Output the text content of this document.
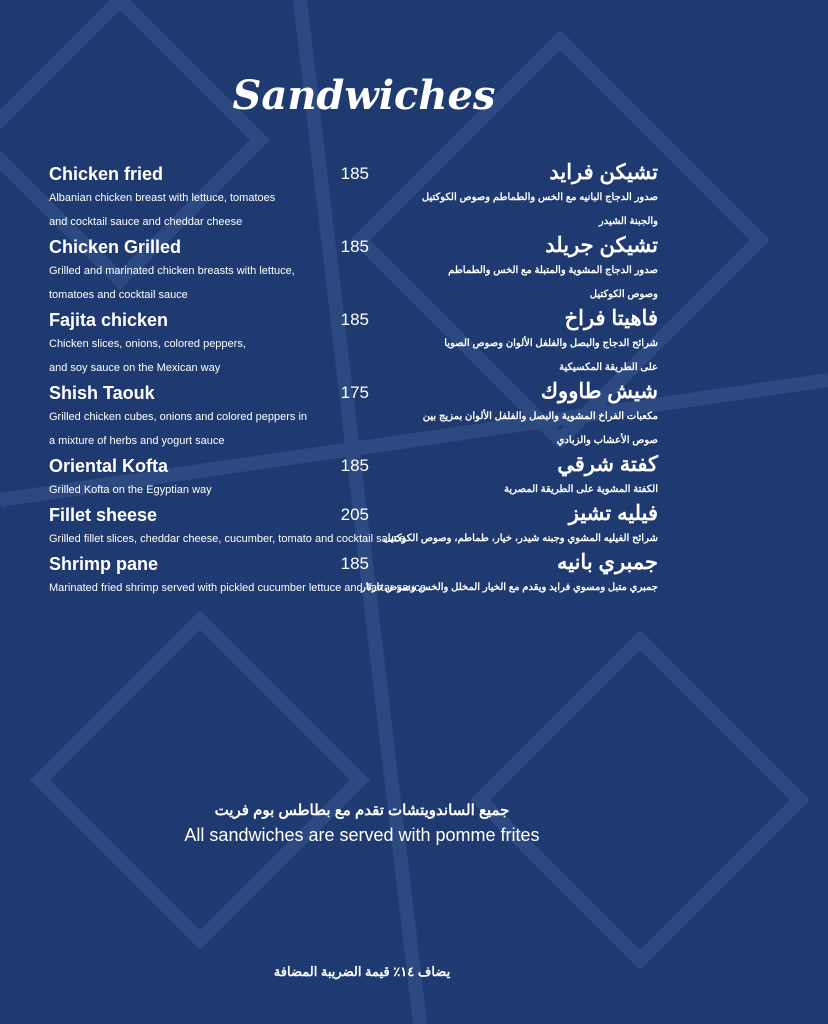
Sandwiches
Chicken fried	185
Albanian chicken breast with lettuce, tomatoes
and cocktail sauce and cheddar cheese
تشيكن فرايد
صدور الدجاج البانيه مع الخس والطماطم وصوص الكوكتيل
والجبنة الشيدر
Chicken Grilled	185
Grilled and marinated chicken breasts with lettuce,
tomatoes and cocktail sauce
تشيكن جريلد
صدور الدجاج المشوية والمتبلة مع الخس والطماطم
وصوص الكوكتيل
Fajita chicken	185
Chicken slices, onions, colored peppers,
and soy sauce on the Mexican way
فاهيتا فراخ
شرائح الدجاج والبصل والفلفل الألوان وصوص الصويا
على الطريقة المكسيكية
Shish Taouk	175
Grilled chicken cubes, onions and colored peppers in
a mixture of herbs and yogurt sauce
شيش طاووك
مكعبات الفراخ المشوية والبصل والفلفل الألوان بمزيج بين
صوص الأعشاب والزبادي
Oriental Kofta	185
Grilled Kofta on the Egyptian way
كفتة شرقي
الكفتة المشوية على الطريقة المصرية
Fillet sheese	205
Grilled fillet slices, cheddar cheese, cucumber, tomato and cocktail sauce
فيليه تشيز
شرائح الفيليه المشوي وجبنه شيدر، خيار، طماطم، وصوص الكوكتيل
Shrimp pane	185
Marinated fried shrimp served with pickled cucumber lettuce and Tartar sauce
جمبري بانيه
جمبري متبل ومسوي فرايد ويقدم مع الخيار المخلل والخس وصوص تارتار
جميع الساندويتشات تقدم مع بطاطس بوم فريت
All sandwiches are served with pomme frites
يضاف ١٤٪ قيمة الضريبة المضافة
